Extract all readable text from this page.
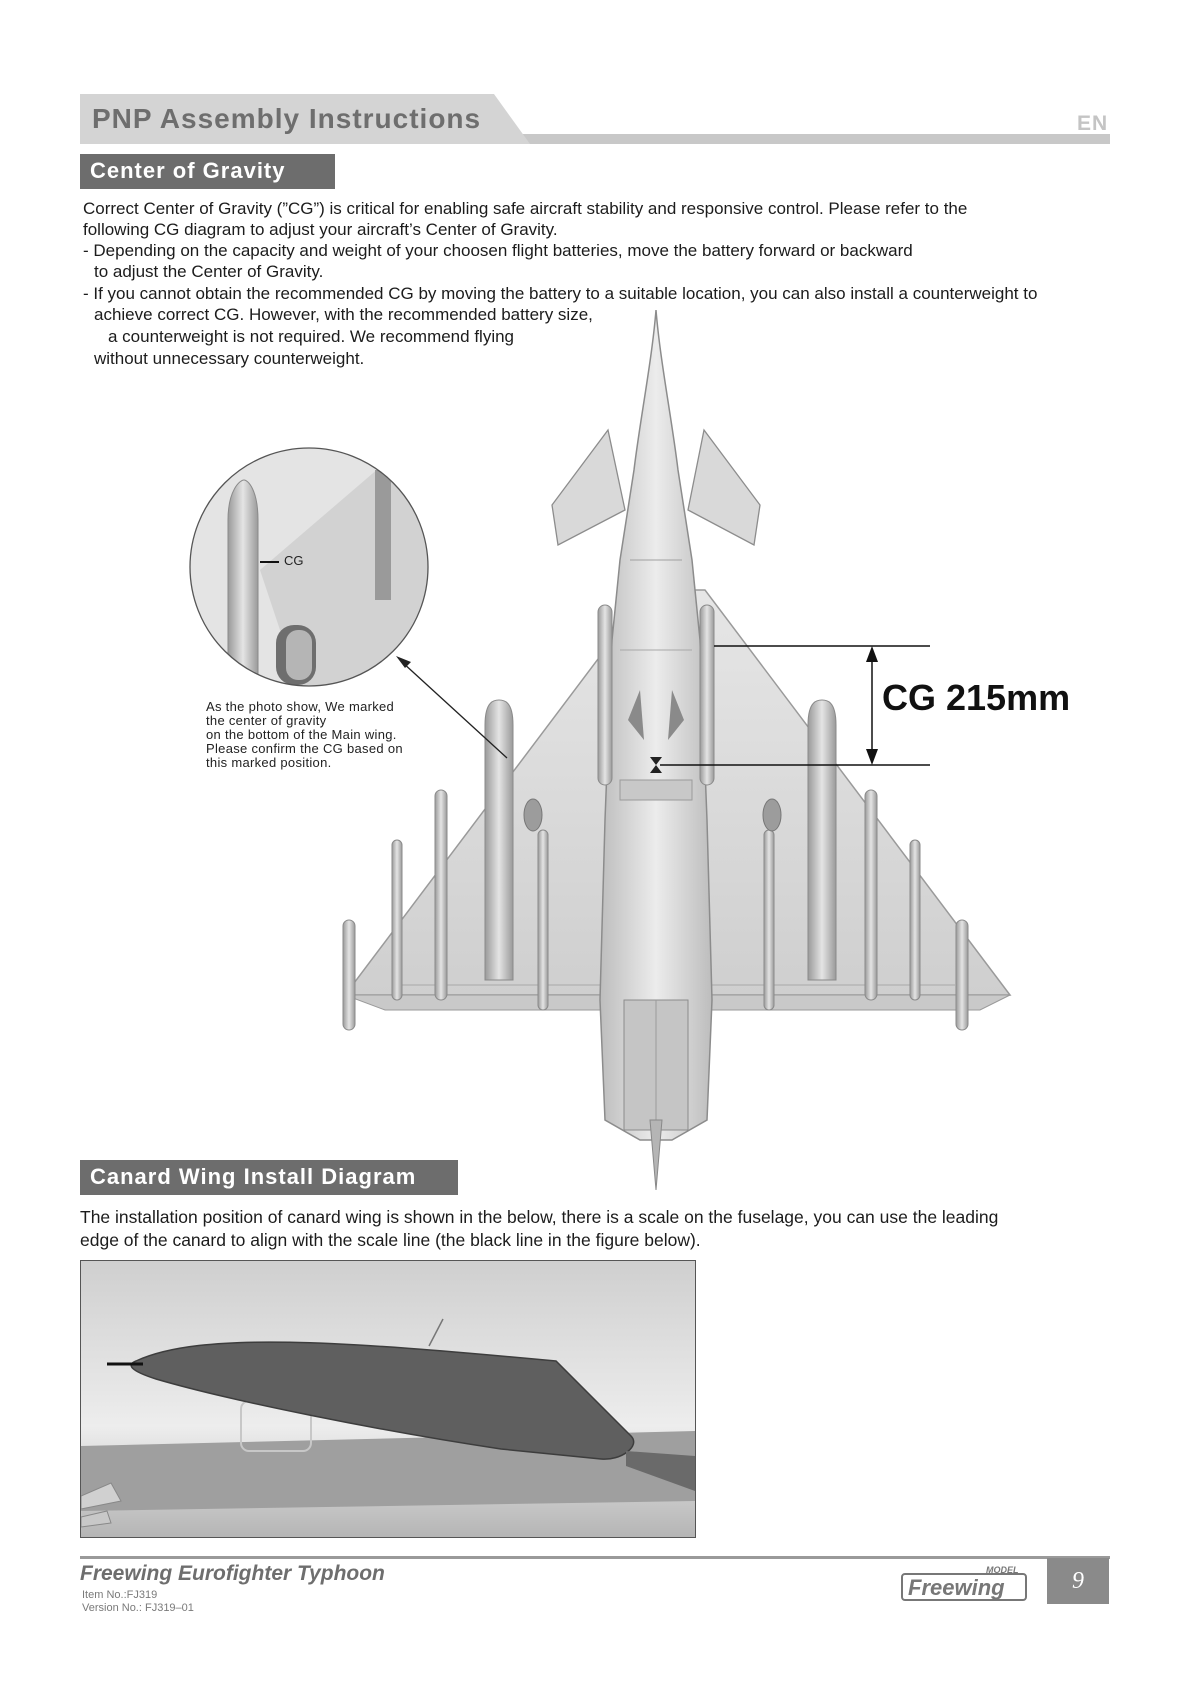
PNP Assembly Instructions	EN
Center of Gravity
Correct Center of Gravity (”CG”) is critical for enabling safe aircraft stability and responsive control. Please refer to the
following CG diagram to adjust your aircraft’s Center of Gravity.
- Depending on the capacity and weight of your choosen flight batteries, move the battery forward or backward
to adjust the Center of Gravity.
- If you cannot obtain the recommended CG by moving the battery to a suitable location, you can also install a counterweight to
achieve correct CG. However, with the recommended battery size,
a counterweight is not required. We recommend flying
without unnecessary counterweight.
CG 215mm
CG
As the photo show, We marked
the center of gravity
on the bottom of the Main wing.
Please confirm the CG based on
this marked position.
Canard Wing Install Diagram
The installation position of canard wing is shown in the below, there is a scale on the fuselage, you can use the leading
edge of the canard to align with the scale line (the black line in the figure below).
Freewing Eurofighter Typhoon
Item No.:FJ319
Version No.: FJ319–01
Freewing
MODEL	9
